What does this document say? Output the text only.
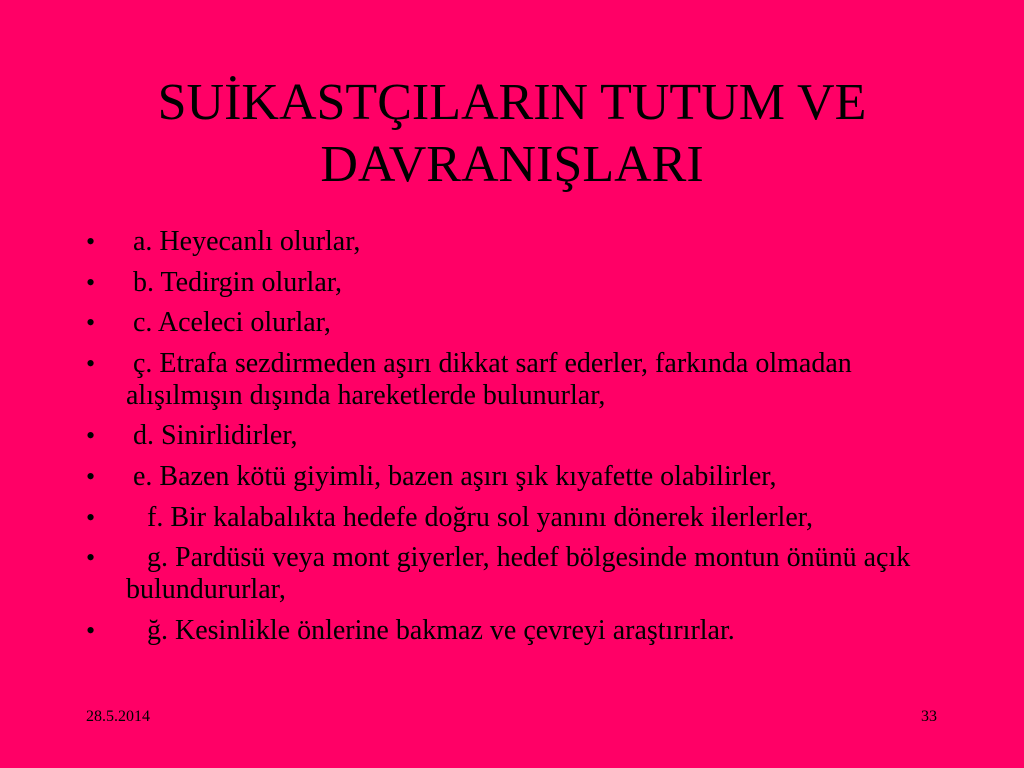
SUİKASTÇILARIN TUTUM VE
DAVRANIŞLARI
• a. Heyecanlı olurlar,
• b. Tedirgin olurlar,
• c. Aceleci olurlar,
• ç. Etrafa sezdirmeden aşırı dikkat sarf ederler, farkında olmadan alışılmışın dışında hareketlerde bulunurlar,
• d. Sinirlidirler,
• e. Bazen kötü giyimli, bazen aşırı şık kıyafette olabilirler,
• f. Bir kalabalıkta hedefe doğru sol yanını dönerek ilerlerler,
• g. Pardüsü veya mont giyerler, hedef bölgesinde montun önünü açık bulundururlar,
• ğ. Kesinlikle önlerine bakmaz ve çevreyi araştırırlar.
28.5.2014	33
